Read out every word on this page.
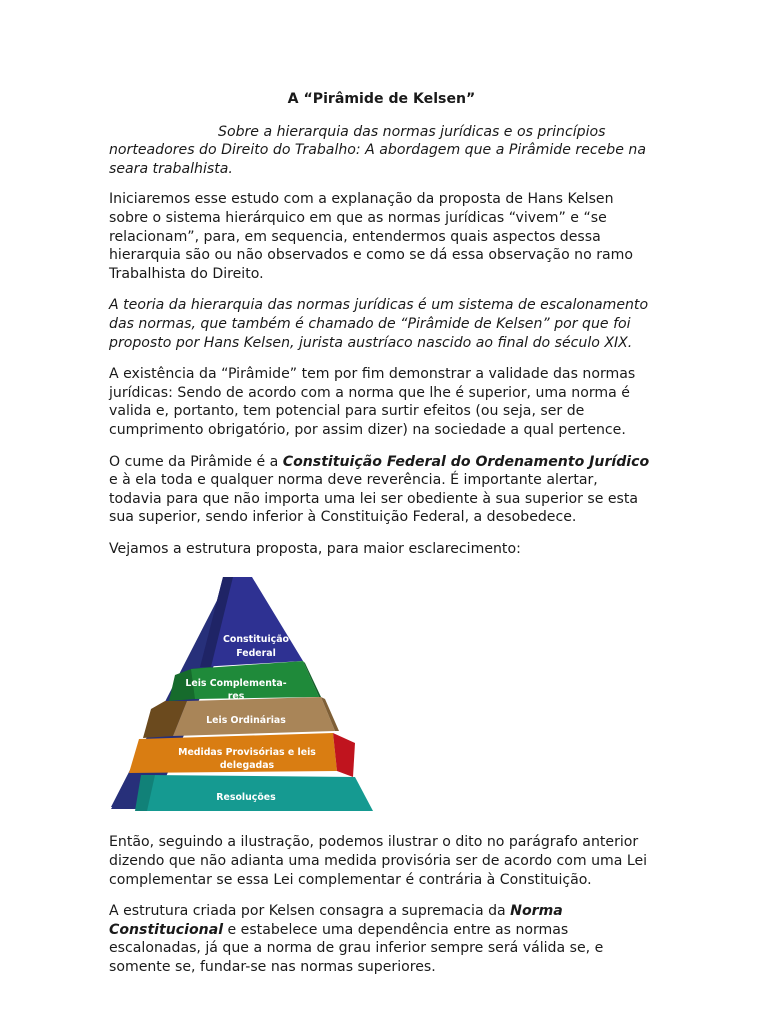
A “Pirâmide de Kelsen”

Sobre a hierarquia das normas jurídicas e os princípios norteadores do Direito do Trabalho: A abordagem que a Pirâmide recebe na seara trabalhista.

Iniciaremos esse estudo com a explanação da proposta de Hans Kelsen sobre o sistema hierárquico em que as normas jurídicas “vivem” e “se relacionam”, para, em sequencia, entendermos quais aspectos dessa hierarquia são ou não observados e como se dá essa observação no ramo Trabalhista do Direito.

A teoria da hierarquia das normas jurídicas é um sistema de escalonamento das normas, que também é chamado de “Pirâmide de Kelsen” por que foi proposto por Hans Kelsen, jurista austríaco nascido ao final do século XIX.

A existência da “Pirâmide” tem por fim demonstrar a validade das normas jurídicas: Sendo de acordo com a norma que lhe é superior, uma norma é valida e, portanto, tem potencial para surtir efeitos (ou seja, ser de cumprimento obrigatório, por assim dizer) na sociedade a qual pertence.

O cume da Pirâmide é a Constituição Federal do Ordenamento Jurídico e à ela toda e qualquer norma deve reverência. É importante alertar, todavia para que não importa uma lei ser obediente à sua superior se esta sua superior, sendo inferior à Constituição Federal, a desobedece.

Vejamos a estrutura proposta, para maior esclarecimento:

Constituição
Federal
Leis Complementa-
res
Leis Ordinárias
Medidas Provisórias e leis
delegadas
Resoluções

Então, seguindo a ilustração, podemos ilustrar o dito no parágrafo anterior dizendo que não adianta uma medida provisória ser de acordo com uma Lei complementar se essa Lei complementar é contrária à Constituição.

A estrutura criada por Kelsen consagra a supremacia da Norma Constitucional e estabelece uma dependência entre as normas escalonadas, já que a norma de grau inferior sempre será válida se, e somente se, fundar-se nas normas superiores.
